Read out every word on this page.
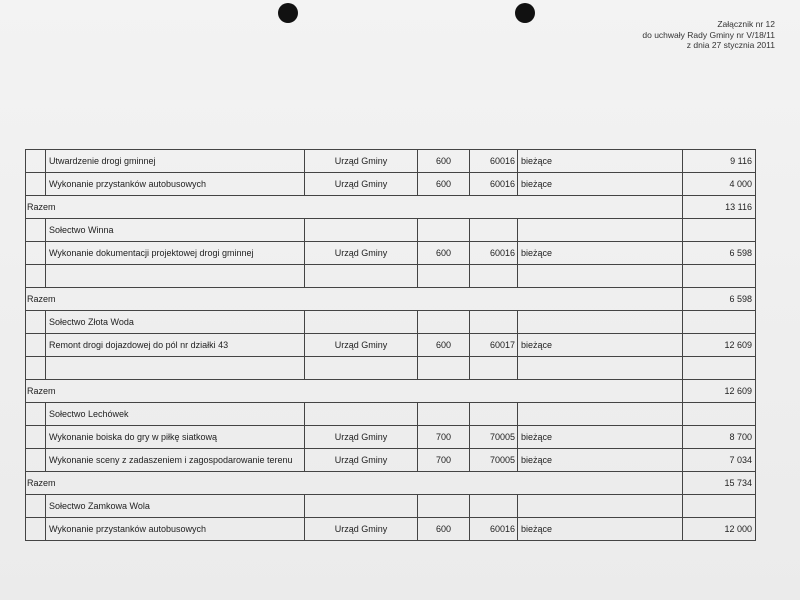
Załącznik nr 12
do uchwały Rady Gminy nr V/18/11
z dnia 27 stycznia 2011
	Utwardzenie drogi gminnej	Urząd Gminy	600	60016	bieżące	9 116
	Wykonanie przystanków autobusowych	Urząd Gminy	600	60016	bieżące	4 000
Razem						13 116
	Sołectwo Winna					
	Wykonanie dokumentacji projektowej drogi gminnej	Urząd Gminy	600	60016	bieżące	6 598

Razem						6 598
	Sołectwo Złota Woda					
	Remont drogi dojazdowej do pól nr działki 43	Urząd Gminy	600	60017	bieżące	12 609

Razem						12 609
	Sołectwo Lechówek					
	Wykonanie boiska do gry w piłkę siatkową	Urząd Gminy	700	70005	bieżące	8 700
	Wykonanie sceny z zadaszeniem i zagospodarowanie terenu	Urząd Gminy	700	70005	bieżące	7 034
Razem						15 734
	Sołectwo Zamkowa Wola					
	Wykonanie przystanków autobusowych	Urząd Gminy	600	60016	bieżące	12 000
